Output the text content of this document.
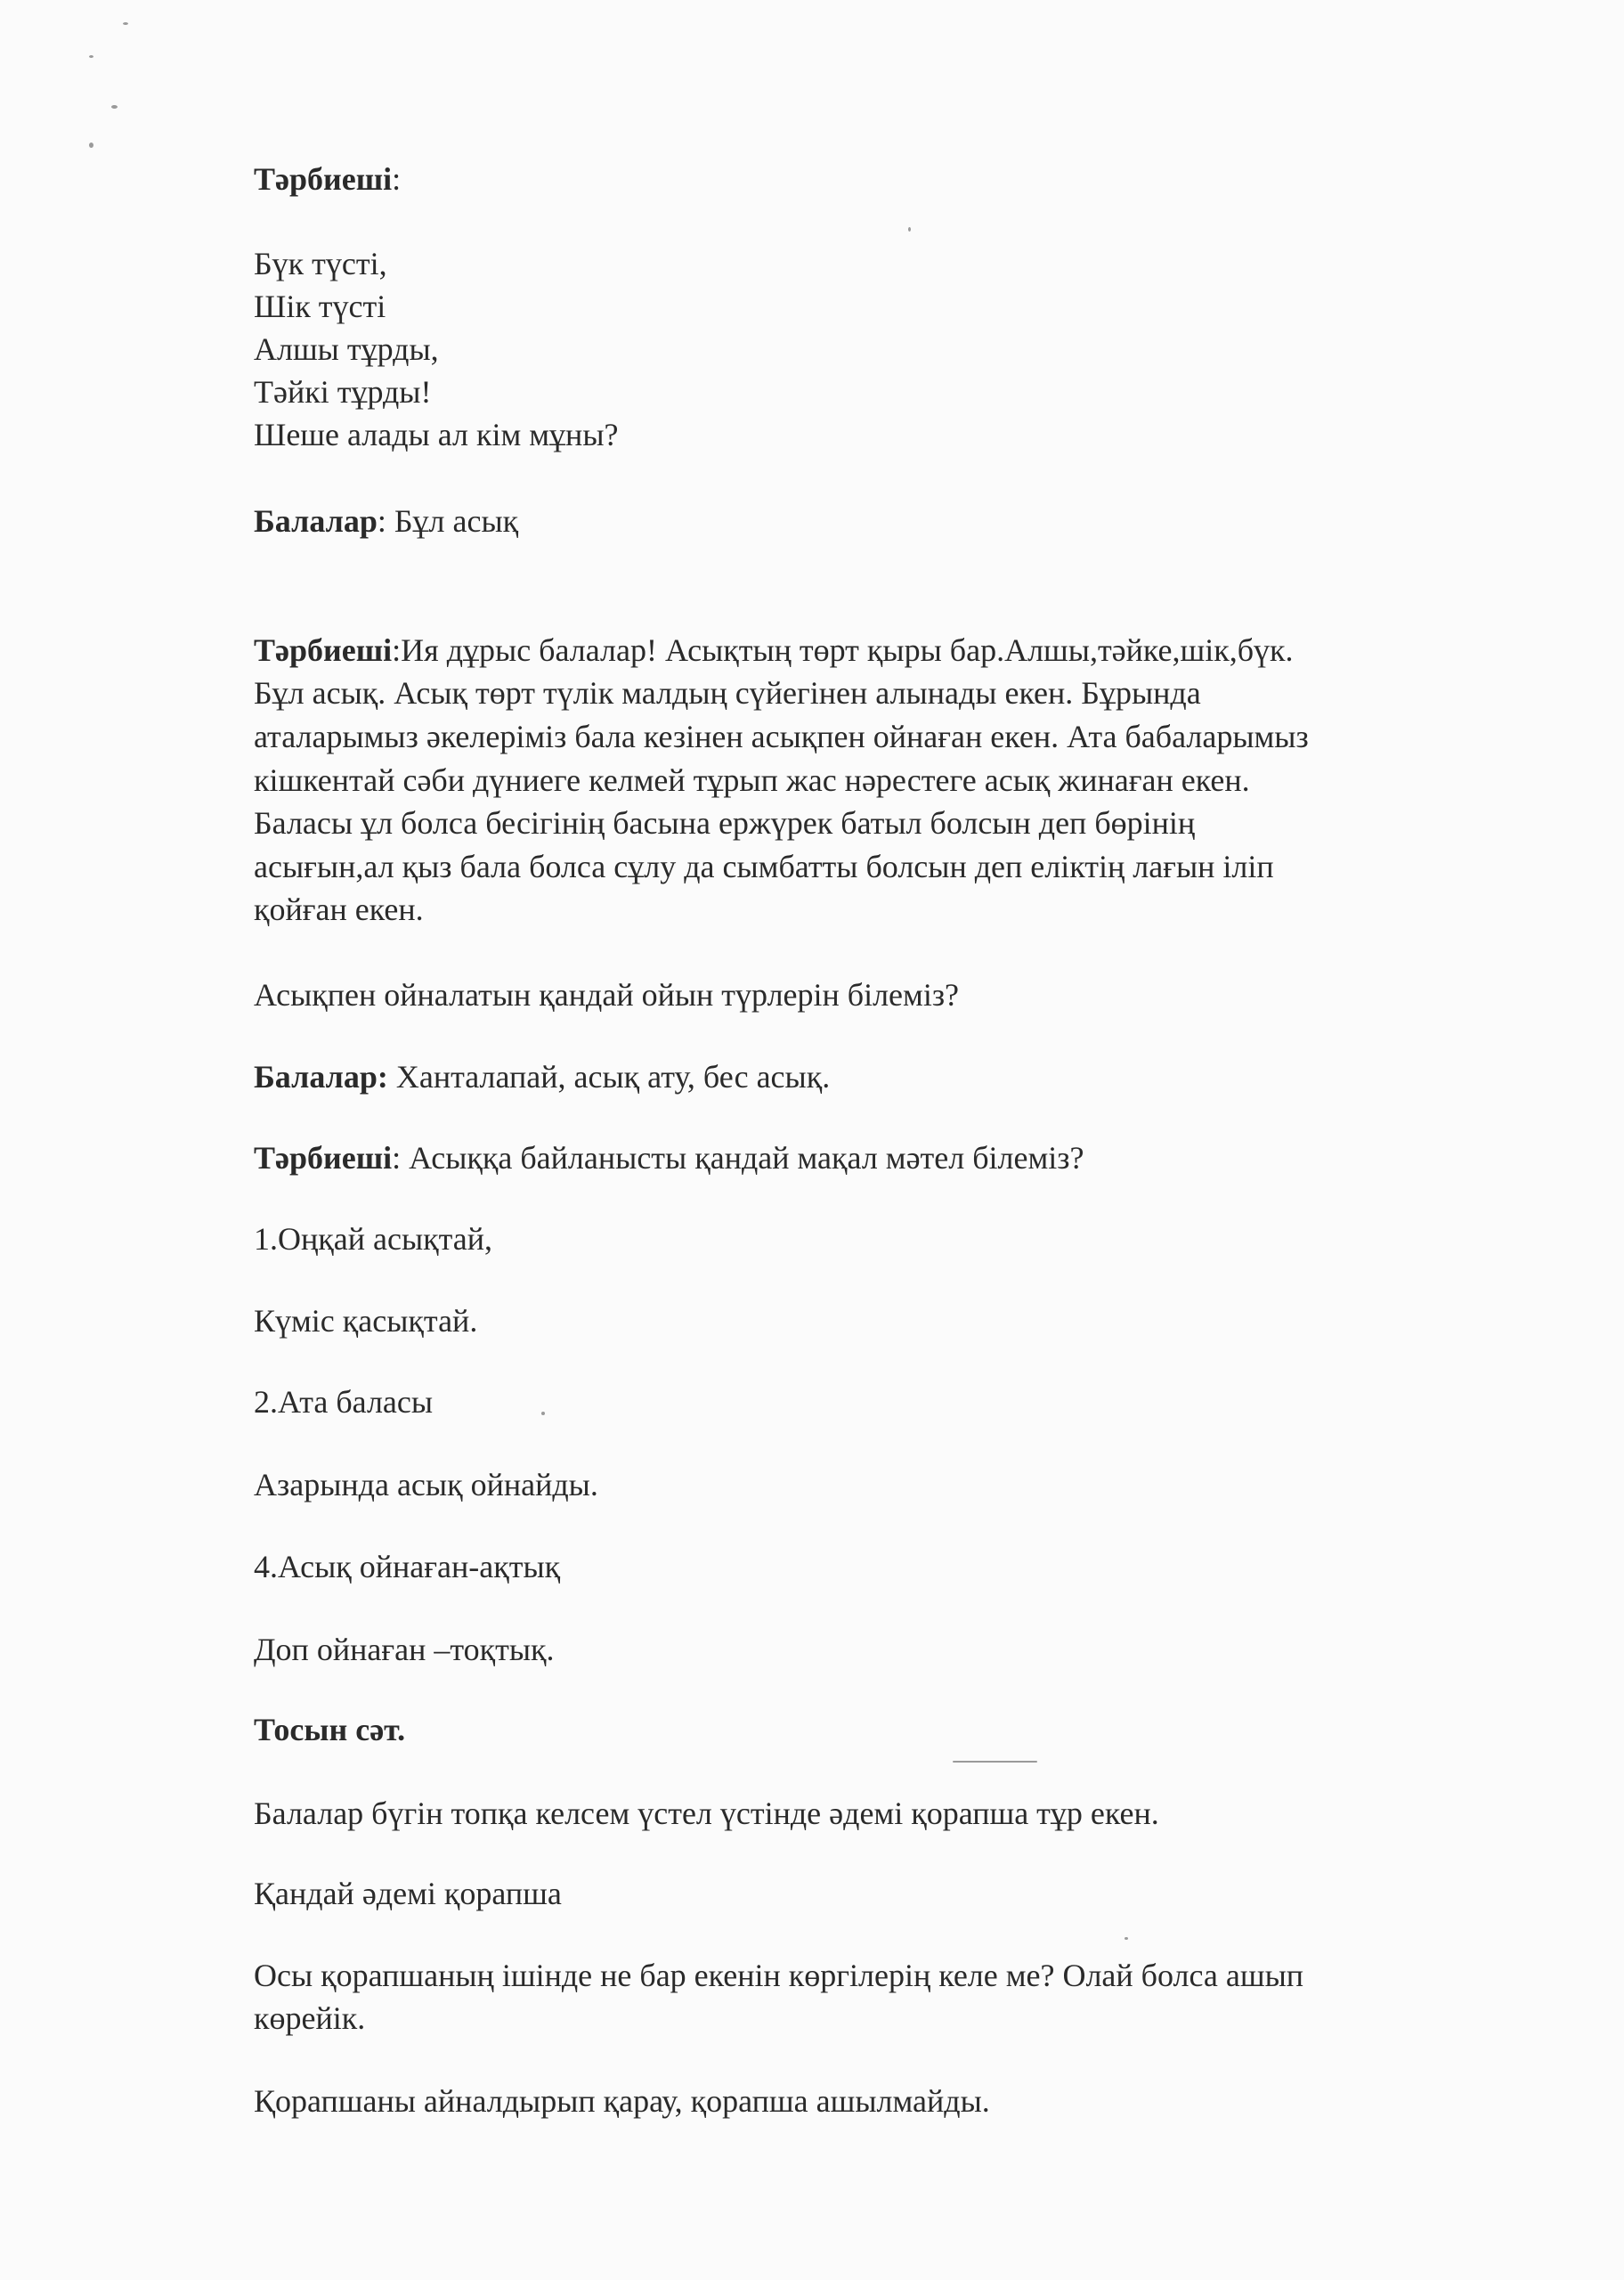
Тәрбиеші:
Бүк түсті,
Шік түсті
Алшы тұрды,
Тәйкі тұрды!
Шеше алады ал кім мұны?
Балалар: Бұл асық
Тәрбиеші:Ия дұрыс балалар! Асықтың төрт қыры бар.Алшы,тәйке,шік,бүк.
Бұл асық. Асық төрт түлік малдың сүйегінен алынады екен. Бұрында
аталарымыз әкелеріміз бала кезінен асықпен ойнаған екен. Ата бабаларымыз
кішкентай сәби дүниеге келмей тұрып жас нәрестеге асық жинаған екен.
Баласы ұл болса бесігінің басына ержүрек батыл болсын деп бөрінің
асығын,ал қыз бала болса сұлу да сымбатты болсын деп еліктің лағын іліп
қойған екен.
Асықпен ойналатын қандай ойын түрлерін білеміз?
Балалар: Ханталапай, асық ату, бес асық.
Тәрбиеші: Асыққа байланысты қандай мақал мәтел білеміз?
1.Оңқай асықтай,
Күміс қасықтай.
2.Ата баласы
Азарында асық ойнайды.
4.Асық ойнаған-ақтық
Доп ойнаған –тоқтық.
Тосын сәт.
Балалар бүгін топқа келсем үстел үстінде әдемі қорапша тұр екен.
Қандай әдемі қорапша
Осы қорапшаның ішінде не бар екенін көргілерің келе ме? Олай болса ашып
көрейік.
Қорапшаны айналдырып қарау, қорапша ашылмайды.
